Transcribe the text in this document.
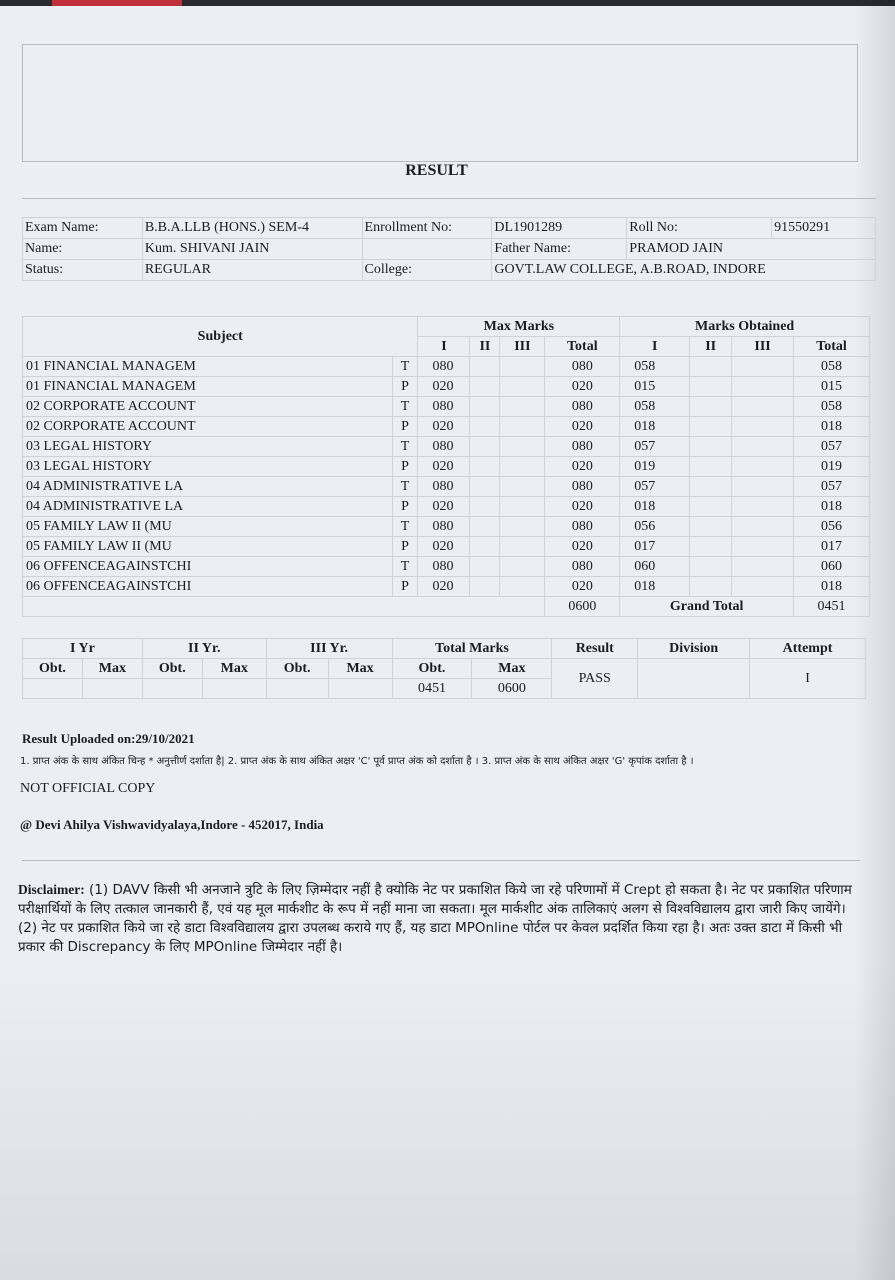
RESULT
Exam Name:	B.B.A.LLB (HONS.) SEM-4	Enrollment No:	DL1901289	Roll No:	91550291
Name:	Kum. SHIVANI JAIN		Father Name:	PRAMOD JAIN	
Status:	REGULAR	College:	GOVT.LAW COLLEGE, A.B.ROAD, INDORE		
Subject		Max Marks				Marks Obtained			
		I	II	III	Total	I	II	III	Total
01 FINANCIAL MANAGEM	T	080			080	058			058
01 FINANCIAL MANAGEM	P	020			020	015			015
02 CORPORATE ACCOUNT	T	080			080	058			058
02 CORPORATE ACCOUNT	P	020			020	018			018
03 LEGAL HISTORY	T	080			080	057			057
03 LEGAL HISTORY	P	020			020	019			019
04 ADMINISTRATIVE LA	T	080			080	057			057
04 ADMINISTRATIVE LA	P	020			020	018			018
05 FAMILY LAW II (MU	T	080			080	056			056
05 FAMILY LAW II (MU	P	020			020	017			017
06 OFFENCEAGAINSTCHI	T	080			080	060			060
06 OFFENCEAGAINSTCHI	P	020			020	018			018
					0600	Grand Total			0451
I Yr		II Yr.		III Yr.		Total Marks		Result	Division	Attempt
Obt.	Max	Obt.	Max	Obt.	Max	Obt.	Max	PASS		I
						0451	0600			
Result Uploaded on:29/10/2021
1. प्राप्त अंक के साथ अंकित चिन्ह * अनुत्तीर्ण दर्शाता है| 2. प्राप्त अंक के साथ अंकित अक्षर 'C' पूर्व प्राप्त अंक को दर्शाता है । 3. प्राप्त अंक के साथ अंकित अक्षर 'G' कृपांक दर्शाता है ।
NOT OFFICIAL COPY
@ Devi Ahilya Vishwavidyalaya,Indore - 452017, India
Disclaimer: (1) DAVV किसी भी अनजाने त्रुटि के लिए ज़िम्मेदार नहीं है क्योकि नेट पर प्रकाशित किये जा रहे परिणामों में Crept हो सकता है। नेट पर प्रकाशित परिणाम परीक्षार्थियों के लिए तत्काल जानकारी हैं, एवं यह मूल मार्कशीट के रूप में नहीं माना जा सकता। मूल मार्कशीट अंक तालिकाएं अलग से विश्वविद्यालय द्वारा जारी किए जायेंगे। (2) नेट पर प्रकाशित किये जा रहे डाटा विश्वविद्यालय द्वारा उपलब्ध कराये गए हैं, यह डाटा MPOnline पोर्टल पर केवल प्रदर्शित किया रहा है। अतः उक्त डाटा में किसी भी प्रकार की Discrepancy के लिए MPOnline जिम्मेदार नहीं है।
